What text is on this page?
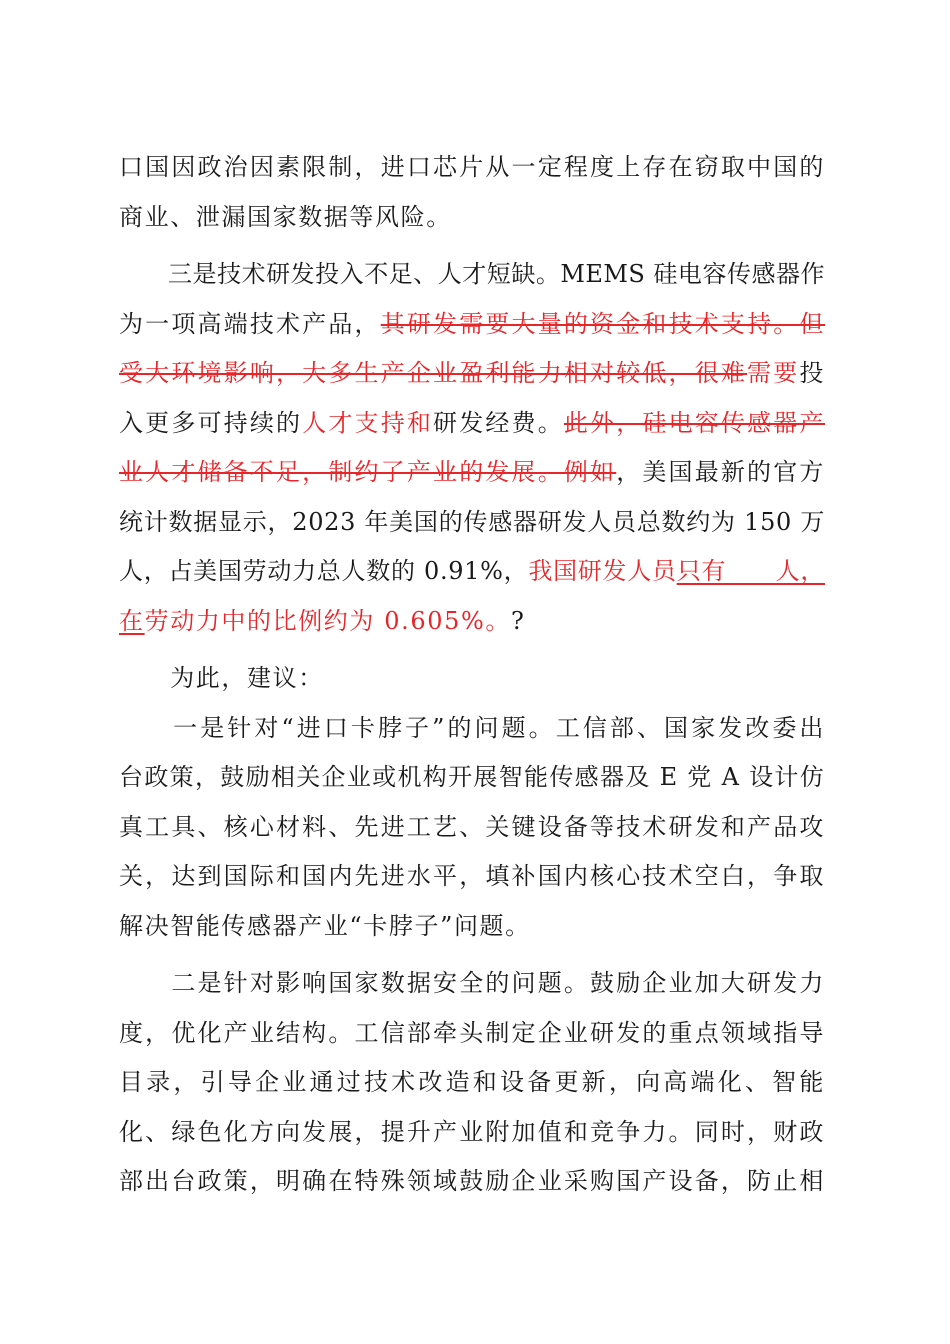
口国因政治因素限制，进口芯片从一定程度上存在窃取中国的
商业、泄漏国家数据等风险。
　　三是技术研发投入不足、人才短缺。MEMS 硅电容传感器作
为一项高端技术产品，其研发需要大量的资金和技术支持。但
受大环境影响，大多生产企业盈利能力相对较低，很难需要投
入更多可持续的人才支持和研发经费。此外，硅电容传感器产
业人才储备不足，制约了产业的发展。例如，美国最新的官方
统计数据显示，2023 年美国的传感器研发人员总数约为 150 万
人，占美国劳动力总人数的 0.91%，我国研发人员只有　　人，
在劳动力中的比例约为 0.605%。?
　　为此，建议：
　　一是针对“进口卡脖子”的问题。工信部、国家发改委出
台政策，鼓励相关企业或机构开展智能传感器及 E 党 A 设计仿
真工具、核心材料、先进工艺、关键设备等技术研发和产品攻
关，达到国际和国内先进水平，填补国内核心技术空白，争取
解决智能传感器产业“卡脖子”问题。
　　二是针对影响国家数据安全的问题。鼓励企业加大研发力
度，优化产业结构。工信部牵头制定企业研发的重点领域指导
目录，引导企业通过技术改造和设备更新，向高端化、智能
化、绿色化方向发展，提升产业附加值和竞争力。同时，财政
部出台政策，明确在特殊领域鼓励企业采购国产设备，防止相
